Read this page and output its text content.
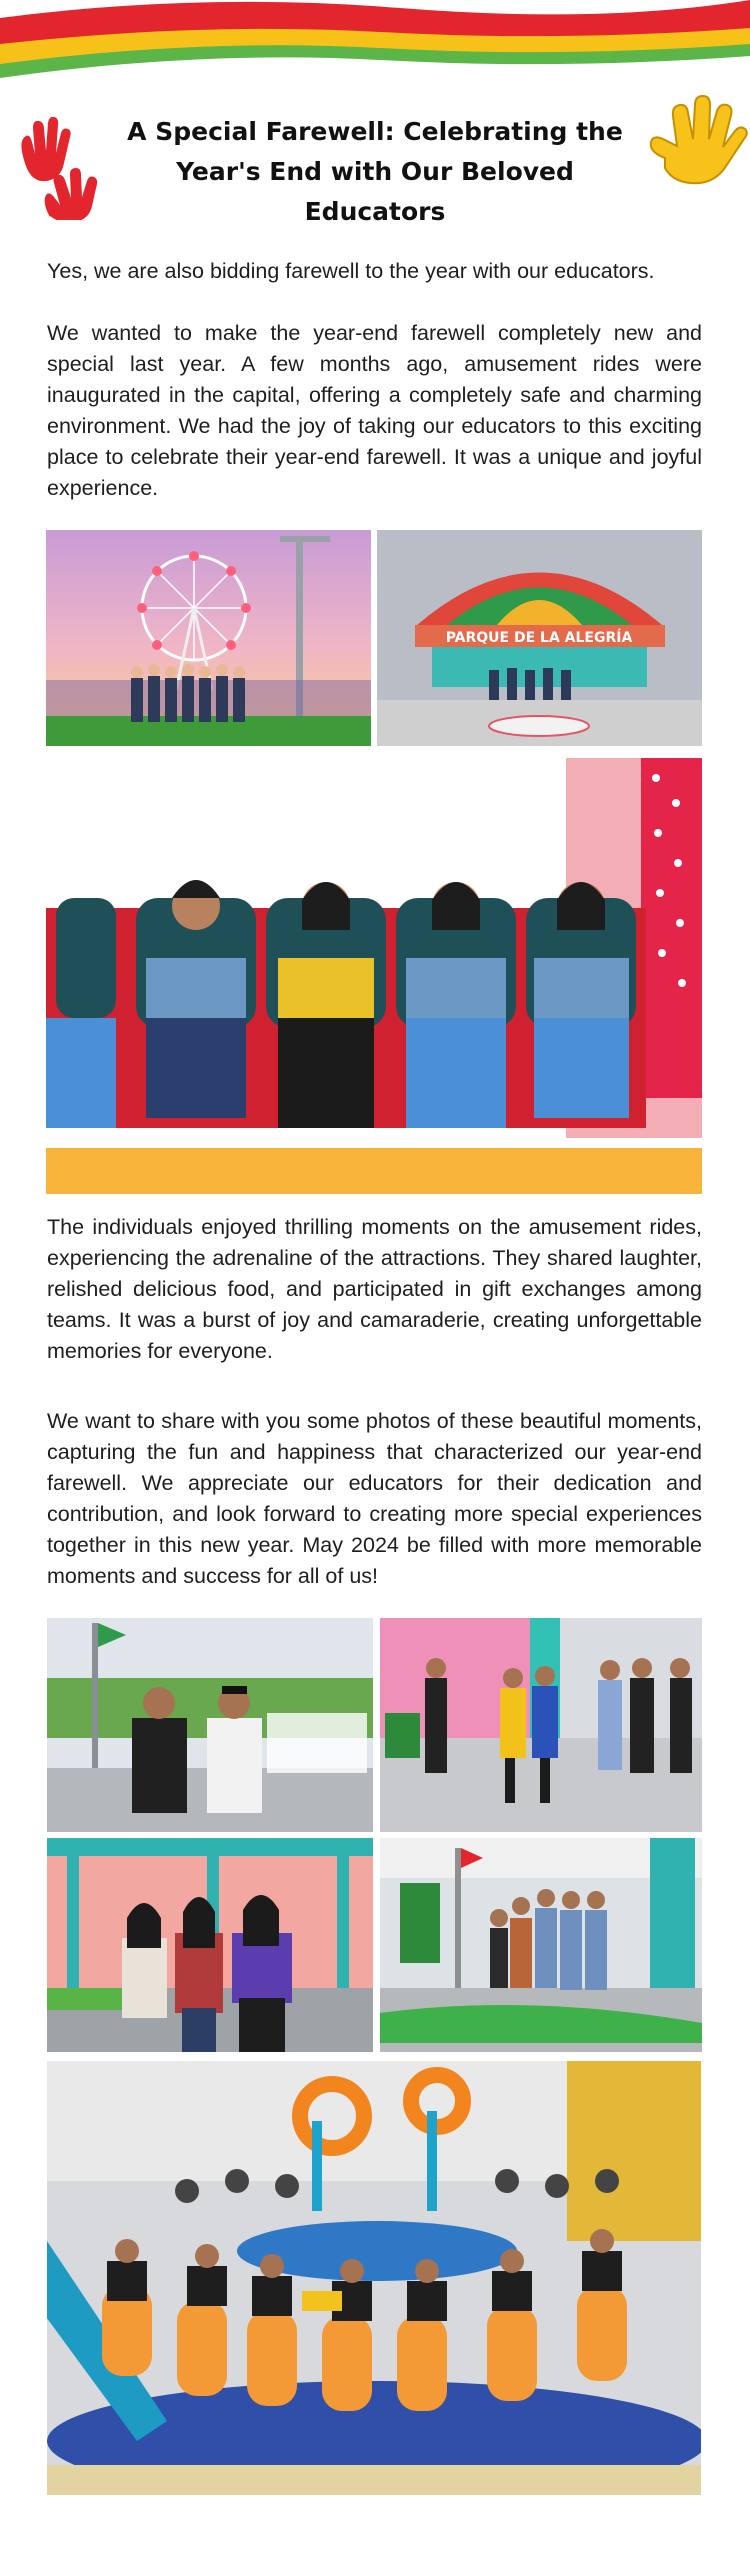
A Special Farewell: Celebrating the
Year's End with Our Beloved Educators

Yes, we are also bidding farewell to the year with our educators.

We wanted to make the year-end farewell completely new and special last year. A few months ago, amusement rides were inaugurated in the capital, offering a completely safe and charming environment. We had the joy of taking our educators to this exciting place to celebrate their year-end farewell. It was a unique and joyful experience.

PARQUE DE LA ALEGRÍA

The individuals enjoyed thrilling moments on the amusement rides, experiencing the adrenaline of the attractions. They shared laughter, relished delicious food, and participated in gift exchanges among teams. It was a burst of joy and camaraderie, creating unforgettable memories for everyone.

We want to share with you some photos of these beautiful moments, capturing the fun and happiness that characterized our year-end farewell. We appreciate our educators for their dedication and contribution, and look forward to creating more special experiences together in this new year. May 2024 be filled with more memorable moments and success for all of us!
